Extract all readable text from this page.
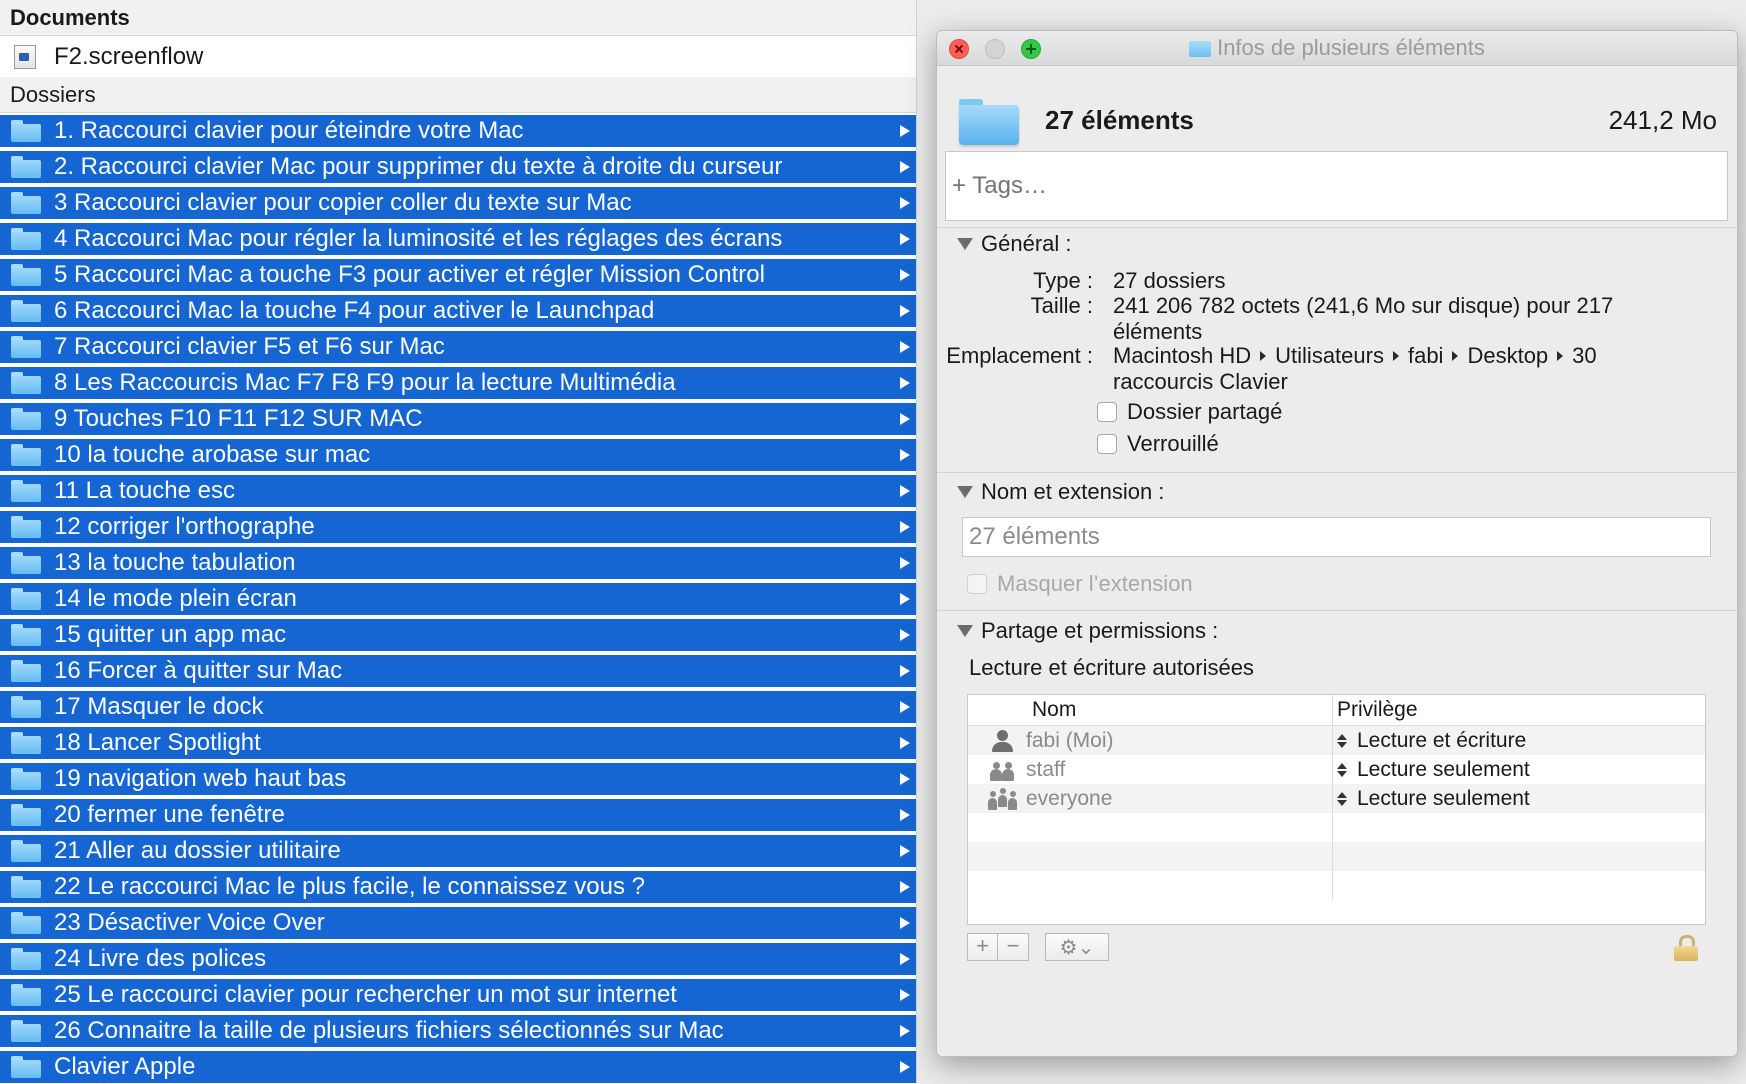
Documents
F2.screenflow
Dossiers
1. Raccourci clavier pour éteindre votre Mac
2. Raccourci clavier Mac pour supprimer du texte à droite du curseur
3 Raccourci clavier pour copier coller du texte sur Mac
4 Raccourci Mac pour régler la luminosité et les réglages des écrans
5 Raccourci Mac a touche F3 pour activer et régler Mission Control
6 Raccourci Mac la touche F4 pour activer le Launchpad
7 Raccourci clavier F5 et F6 sur Mac
8 Les Raccourcis Mac F7 F8 F9 pour la lecture Multimédia
9 Touches F10 F11 F12 SUR MAC
10 la touche arobase sur mac
11 La touche esc
12 corriger l'orthographe
13 la touche tabulation
14 le mode plein écran
15 quitter un app mac
16 Forcer à quitter sur Mac
17 Masquer le dock
18 Lancer Spotlight
19 navigation web haut bas
20 fermer une fenêtre
21 Aller au dossier utilitaire
22 Le raccourci Mac le plus facile, le connaissez vous ?
23 Désactiver Voice Over
24 Livre des polices
25 Le raccourci clavier pour rechercher un mot sur internet
26 Connaitre la taille de plusieurs fichiers sélectionnés sur Mac
Clavier Apple
Infos de plusieurs éléments
27 éléments	241,2 Mo
+ Tags…
Général :
Type : 27 dossiers
Taille : 241 206 782 octets (241,6 Mo sur disque) pour 217 éléments
Emplacement : Macintosh HD Utilisateurs fabi Desktop 30 raccourcis Clavier
Dossier partagé
Verrouillé
Nom et extension :
27 éléments
Masquer l’extension
Partage et permissions :
Lecture et écriture autorisées
Nom	Privilège
fabi (Moi)	Lecture et écriture
staff	Lecture seulement
everyone	Lecture seulement
+ −	⚙⌄
